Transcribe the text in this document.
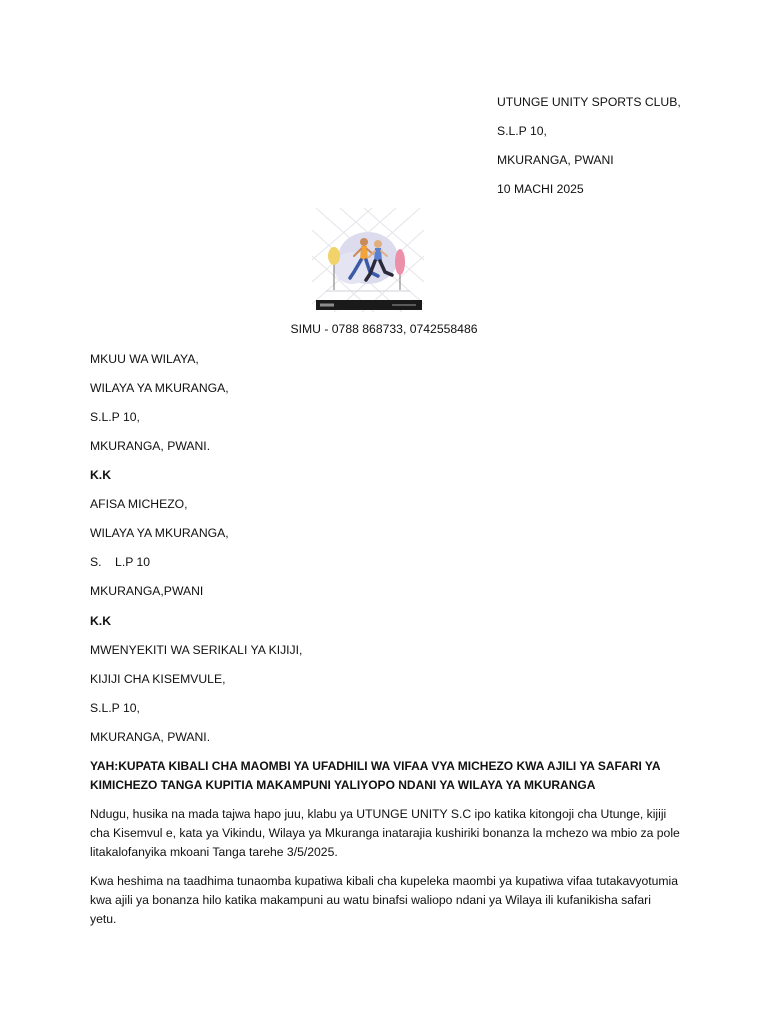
UTUNGE UNITY SPORTS CLUB,
S.L.P 10,
MKURANGA, PWANI
10 MACHI 2025
SIMU - 0788 868733, 0742558486
MKUU WA WILAYA,
WILAYA YA MKURANGA,
S.L.P 10,
MKURANGA, PWANI.
K.K
AFISA MICHEZO,
WILAYA YA MKURANGA,
S.    L.P 10
MKURANGA,PWANI
K.K
MWENYEKITI WA SERIKALI YA KIJIJI,
KIJIJI CHA KISEMVULE,
S.L.P 10,
MKURANGA, PWANI.
YAH:KUPATA KIBALI CHA MAOMBI YA UFADHILI WA VIFAA VYA MICHEZO KWA AJILI YA SAFARI YA KIMICHEZO TANGA KUPITIA MAKAMPUNI YALIYOPO NDANI YA WILAYA YA MKURANGA
Ndugu, husika na mada tajwa hapo juu, klabu ya UTUNGE UNITY S.C ipo katika kitongoji cha Utunge, kijiji cha Kisemvul e, kata ya Vikindu, Wilaya ya Mkuranga inatarajia kushiriki bonanza la mchezo wa mbio za pole litakalofanyika mkoani Tanga tarehe 3/5/2025.
Kwa heshima na taadhima tunaomba kupatiwa kibali cha kupeleka maombi ya kupatiwa vifaa tutakavyotumia kwa ajili ya bonanza hilo katika makampuni au watu binafsi waliopo ndani ya Wilaya ili kufanikisha safari yetu.
